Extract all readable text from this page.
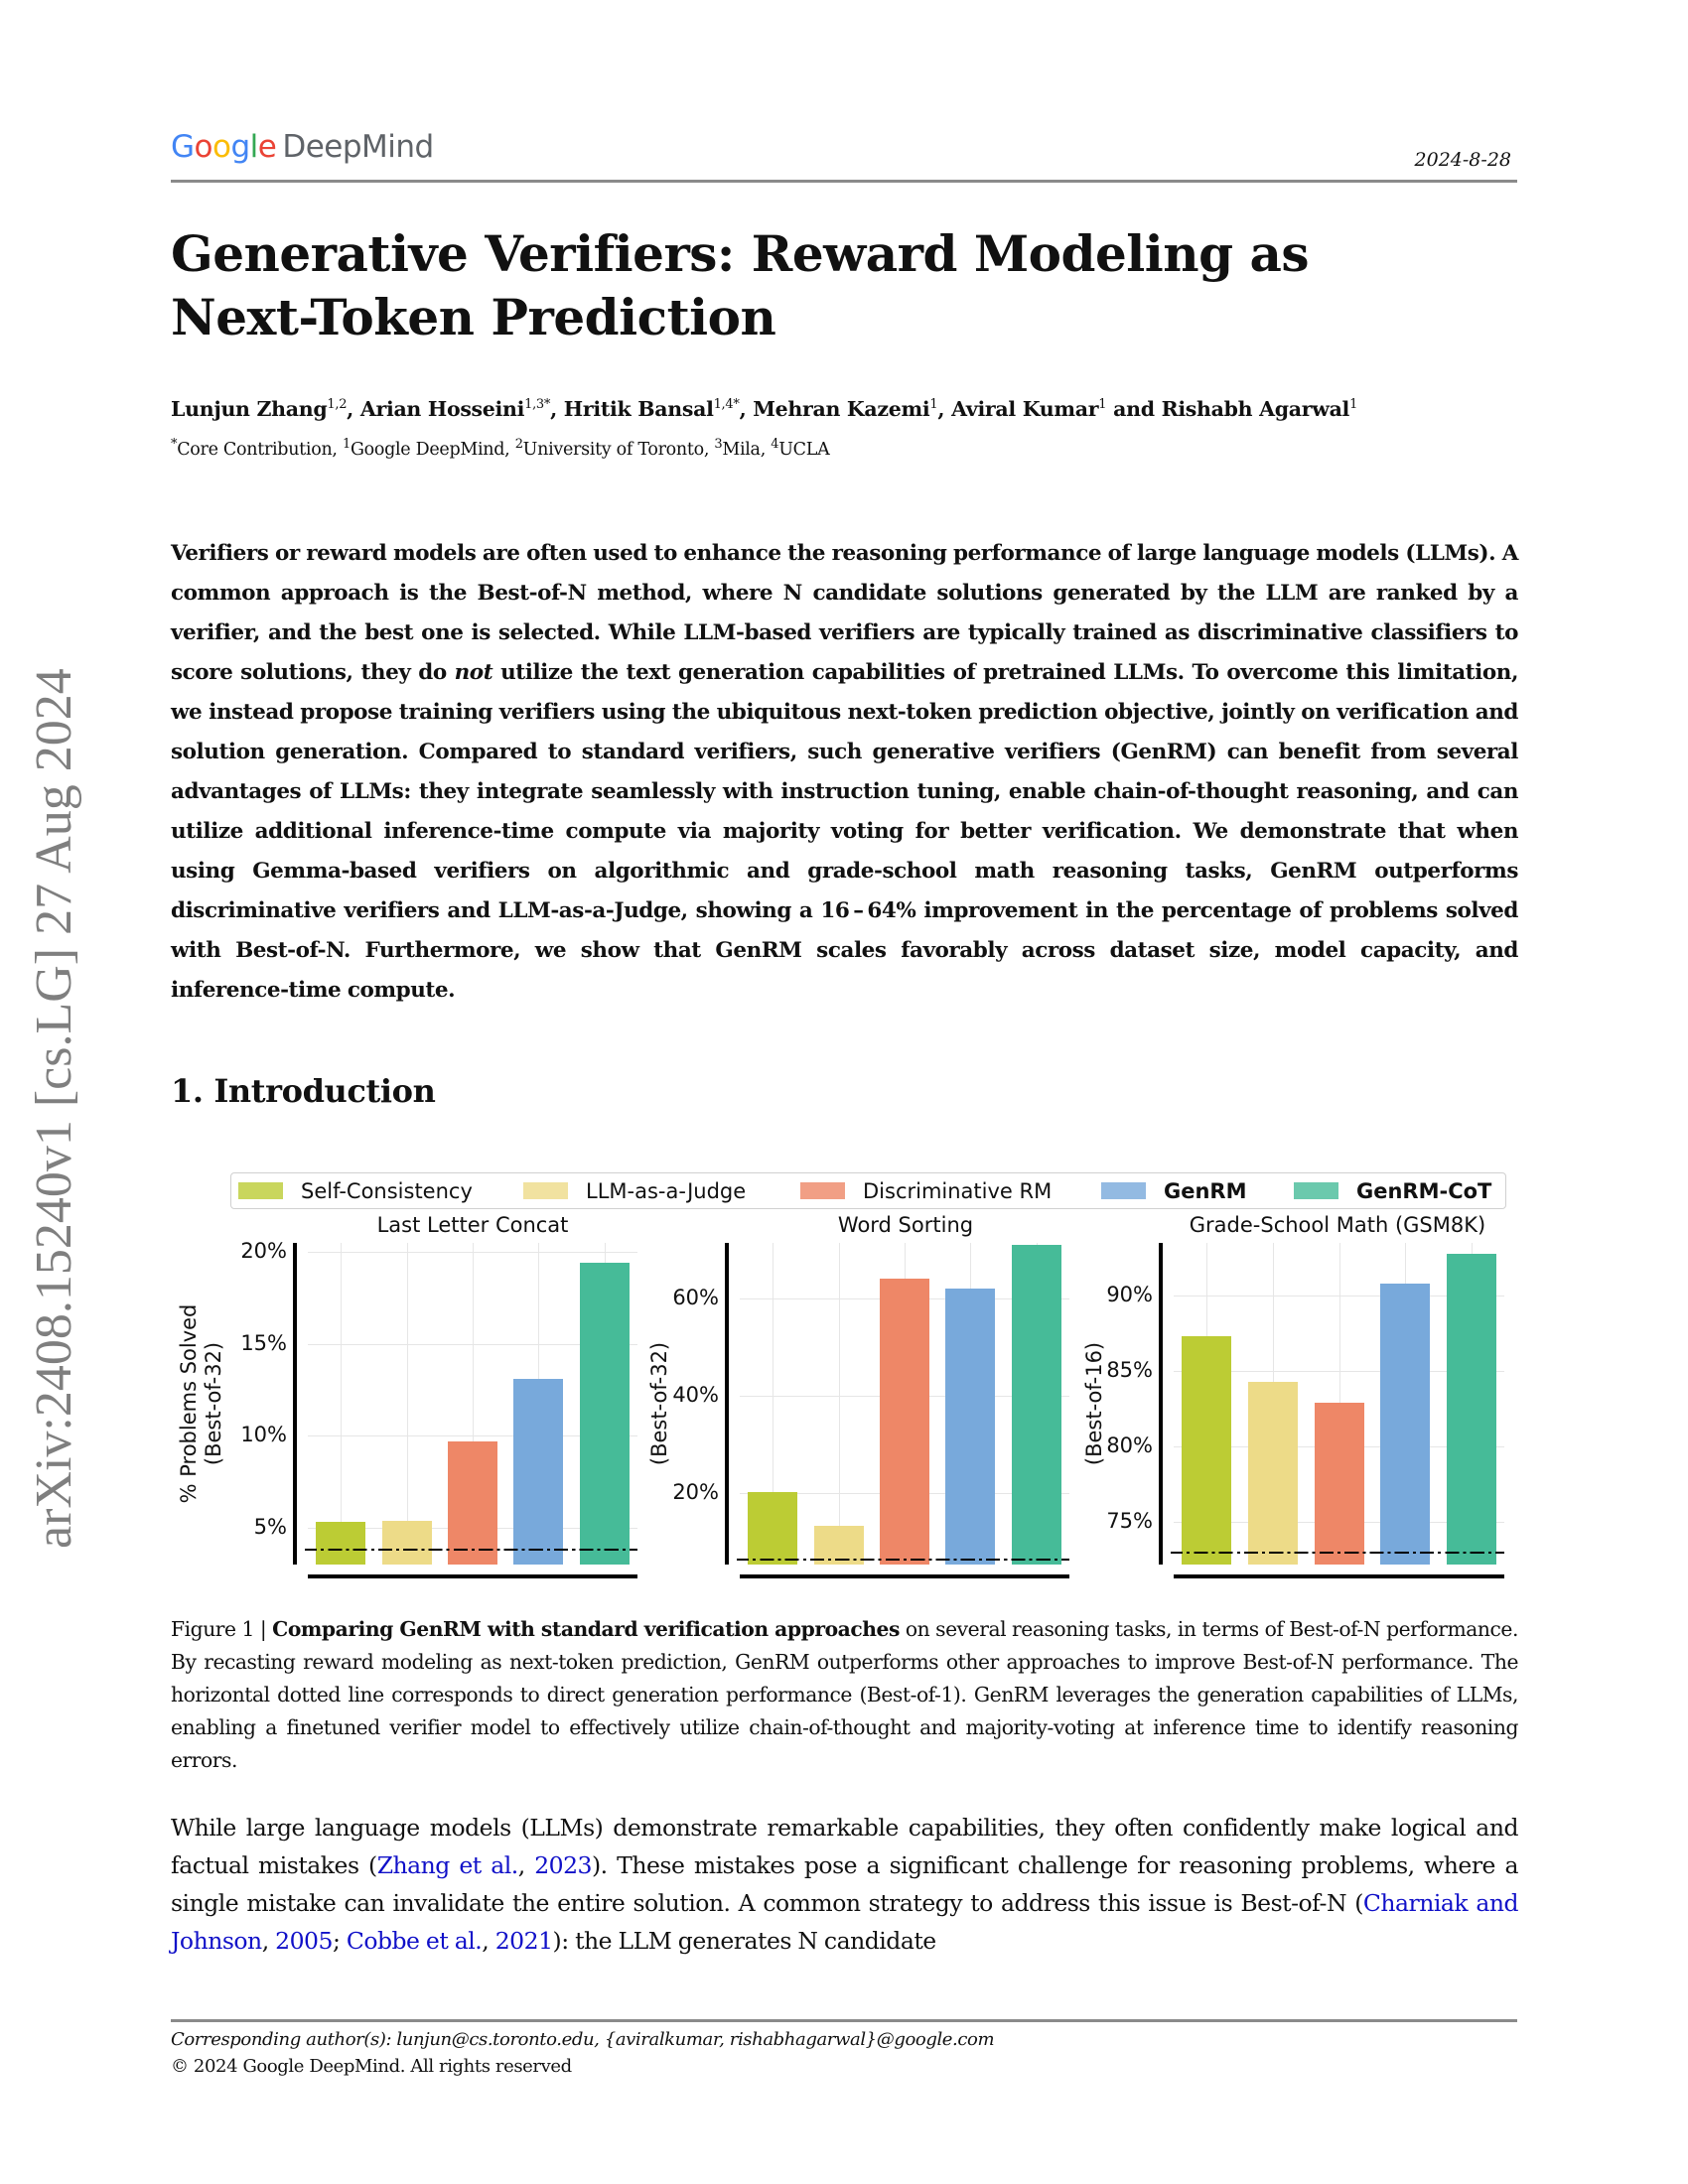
Google DeepMind	2024-8-28
arXiv:2408.15240v1 [cs.LG] 27 Aug 2024
Generative Verifiers: Reward Modeling as Next-Token Prediction
Lunjun Zhang$^{1,2}$, Arian Hosseini$^{1,3*}$, Hritik Bansal$^{1,4*}$, Mehran Kazemi$^1$, Aviral Kumar$^1$ and Rishabh Agarwal$^1$
*Core Contribution, $^1$Google DeepMind, $^2$University of Toronto, $^3$Mila, $^4$UCLA
Verifiers or reward models are often used to enhance the reasoning performance of large language models (LLMs). A common approach is the Best-of-N method, where N candidate solutions generated by the LLM are ranked by a verifier, and the best one is selected. While LLM-based verifiers are typically trained as discriminative classifiers to score solutions, they do not utilize the text generation capabilities of pretrained LLMs. To overcome this limitation, we instead propose training verifiers using the ubiquitous next-token prediction objective, jointly on verification and solution generation. Compared to standard verifiers, such generative verifiers (GenRM) can benefit from several advantages of LLMs: they integrate seamlessly with instruction tuning, enable chain-of-thought reasoning, and can utilize additional inference-time compute via majority voting for better verification. We demonstrate that when using Gemma-based verifiers on algorithmic and grade-school math reasoning tasks, GenRM outperforms discriminative verifiers and LLM-as-a-Judge, showing a 16 – 64% improvement in the percentage of problems solved with Best-of-N. Furthermore, we show that GenRM scales favorably across dataset size, model capacity, and inference-time compute.
1. Introduction
Self-Consistency	LLM-as-a-Judge	Discriminative RM	GenRM	GenRM-CoT
Last Letter Concat
5%
10%
15%
20%
% Problems Solved (Best-of-32)
Word Sorting
20%
40%
60%
(Best-of-32)
Grade-School Math (GSM8K)
75%
80%
85%
90%
(Best-of-16)
Figure 1 | Comparing GenRM with standard verification approaches on several reasoning tasks, in terms of Best-of-N performance. By recasting reward modeling as next-token prediction, GenRM outperforms other approaches to improve Best-of-N performance. The horizontal dotted line corresponds to direct generation performance (Best-of-1). GenRM leverages the generation capabilities of LLMs, enabling a finetuned verifier model to effectively utilize chain-of-thought and majority-voting at inference time to identify reasoning errors.
While large language models (LLMs) demonstrate remarkable capabilities, they often confidently make logical and factual mistakes (Zhang et al., 2023). These mistakes pose a significant challenge for reasoning problems, where a single mistake can invalidate the entire solution. A common strategy to address this issue is Best-of-N (Charniak and Johnson, 2005; Cobbe et al., 2021): the LLM generates N candidate
Corresponding author(s): lunjun@cs.toronto.edu, {aviralkumar, rishabhagarwal}@google.com
© 2024 Google DeepMind. All rights reserved
